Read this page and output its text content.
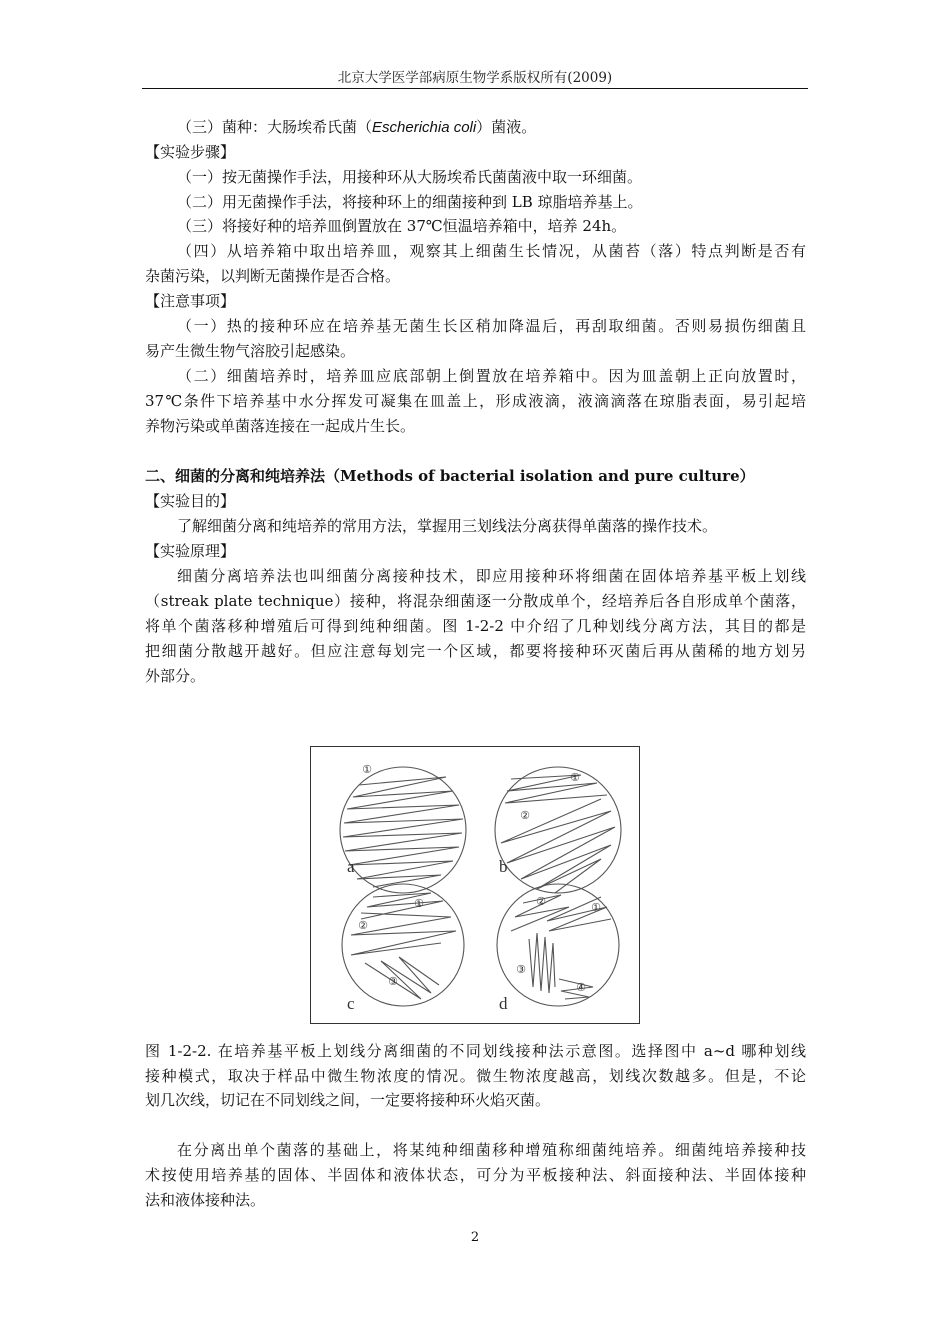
北京大学医学部病原生物学系版权所有(2009)
（三）菌种：大肠埃希氏菌（Escherichia coli）菌液。
【实验步骤】
（一）按无菌操作手法，用接种环从大肠埃希氏菌菌液中取一环细菌。
（二）用无菌操作手法，将接种环上的细菌接种到 LB 琼脂培养基上。
（三）将接好种的培养皿倒置放在 37℃恒温培养箱中，培养 24h。
（四）从培养箱中取出培养皿，观察其上细菌生长情况，从菌苔（落）特点判断是否有
杂菌污染，以判断无菌操作是否合格。
【注意事项】
（一）热的接种环应在培养基无菌生长区稍加降温后，再刮取细菌。否则易损伤细菌且
易产生微生物气溶胶引起感染。
（二）细菌培养时，培养皿应底部朝上倒置放在培养箱中。因为皿盖朝上正向放置时，
37℃条件下培养基中水分挥发可凝集在皿盖上，形成液滴，液滴滴落在琼脂表面，易引起培
养物污染或单菌落连接在一起成片生长。
二、细菌的分离和纯培养法（Methods of bacterial isolation and pure culture）
【实验目的】
了解细菌分离和纯培养的常用方法，掌握用三划线法分离获得单菌落的操作技术。
【实验原理】
细菌分离培养法也叫细菌分离接种技术，即应用接种环将细菌在固体培养基平板上划线
（streak plate technique）接种，将混杂细菌逐一分散成单个，经培养后各自形成单个菌落，
将单个菌落移种增殖后可得到纯种细菌。图 1-2-2 中介绍了几种划线分离方法，其目的都是
把细菌分散越开越好。但应注意每划完一个区域，都要将接种环灭菌后再从菌稀的地方划另
外部分。
①
①
②
①
②
③
①
②
③
④
a	b
c	d
图 1-2-2. 在培养基平板上划线分离细菌的不同划线接种法示意图。选择图中 a~d 哪种划线
接种模式，取决于样品中微生物浓度的情况。微生物浓度越高，划线次数越多。但是，不论
划几次线，切记在不同划线之间，一定要将接种环火焰灭菌。
在分离出单个菌落的基础上，将某纯种细菌移种增殖称细菌纯培养。细菌纯培养接种技
术按使用培养基的固体、半固体和液体状态，可分为平板接种法、斜面接种法、半固体接种
法和液体接种法。
2
